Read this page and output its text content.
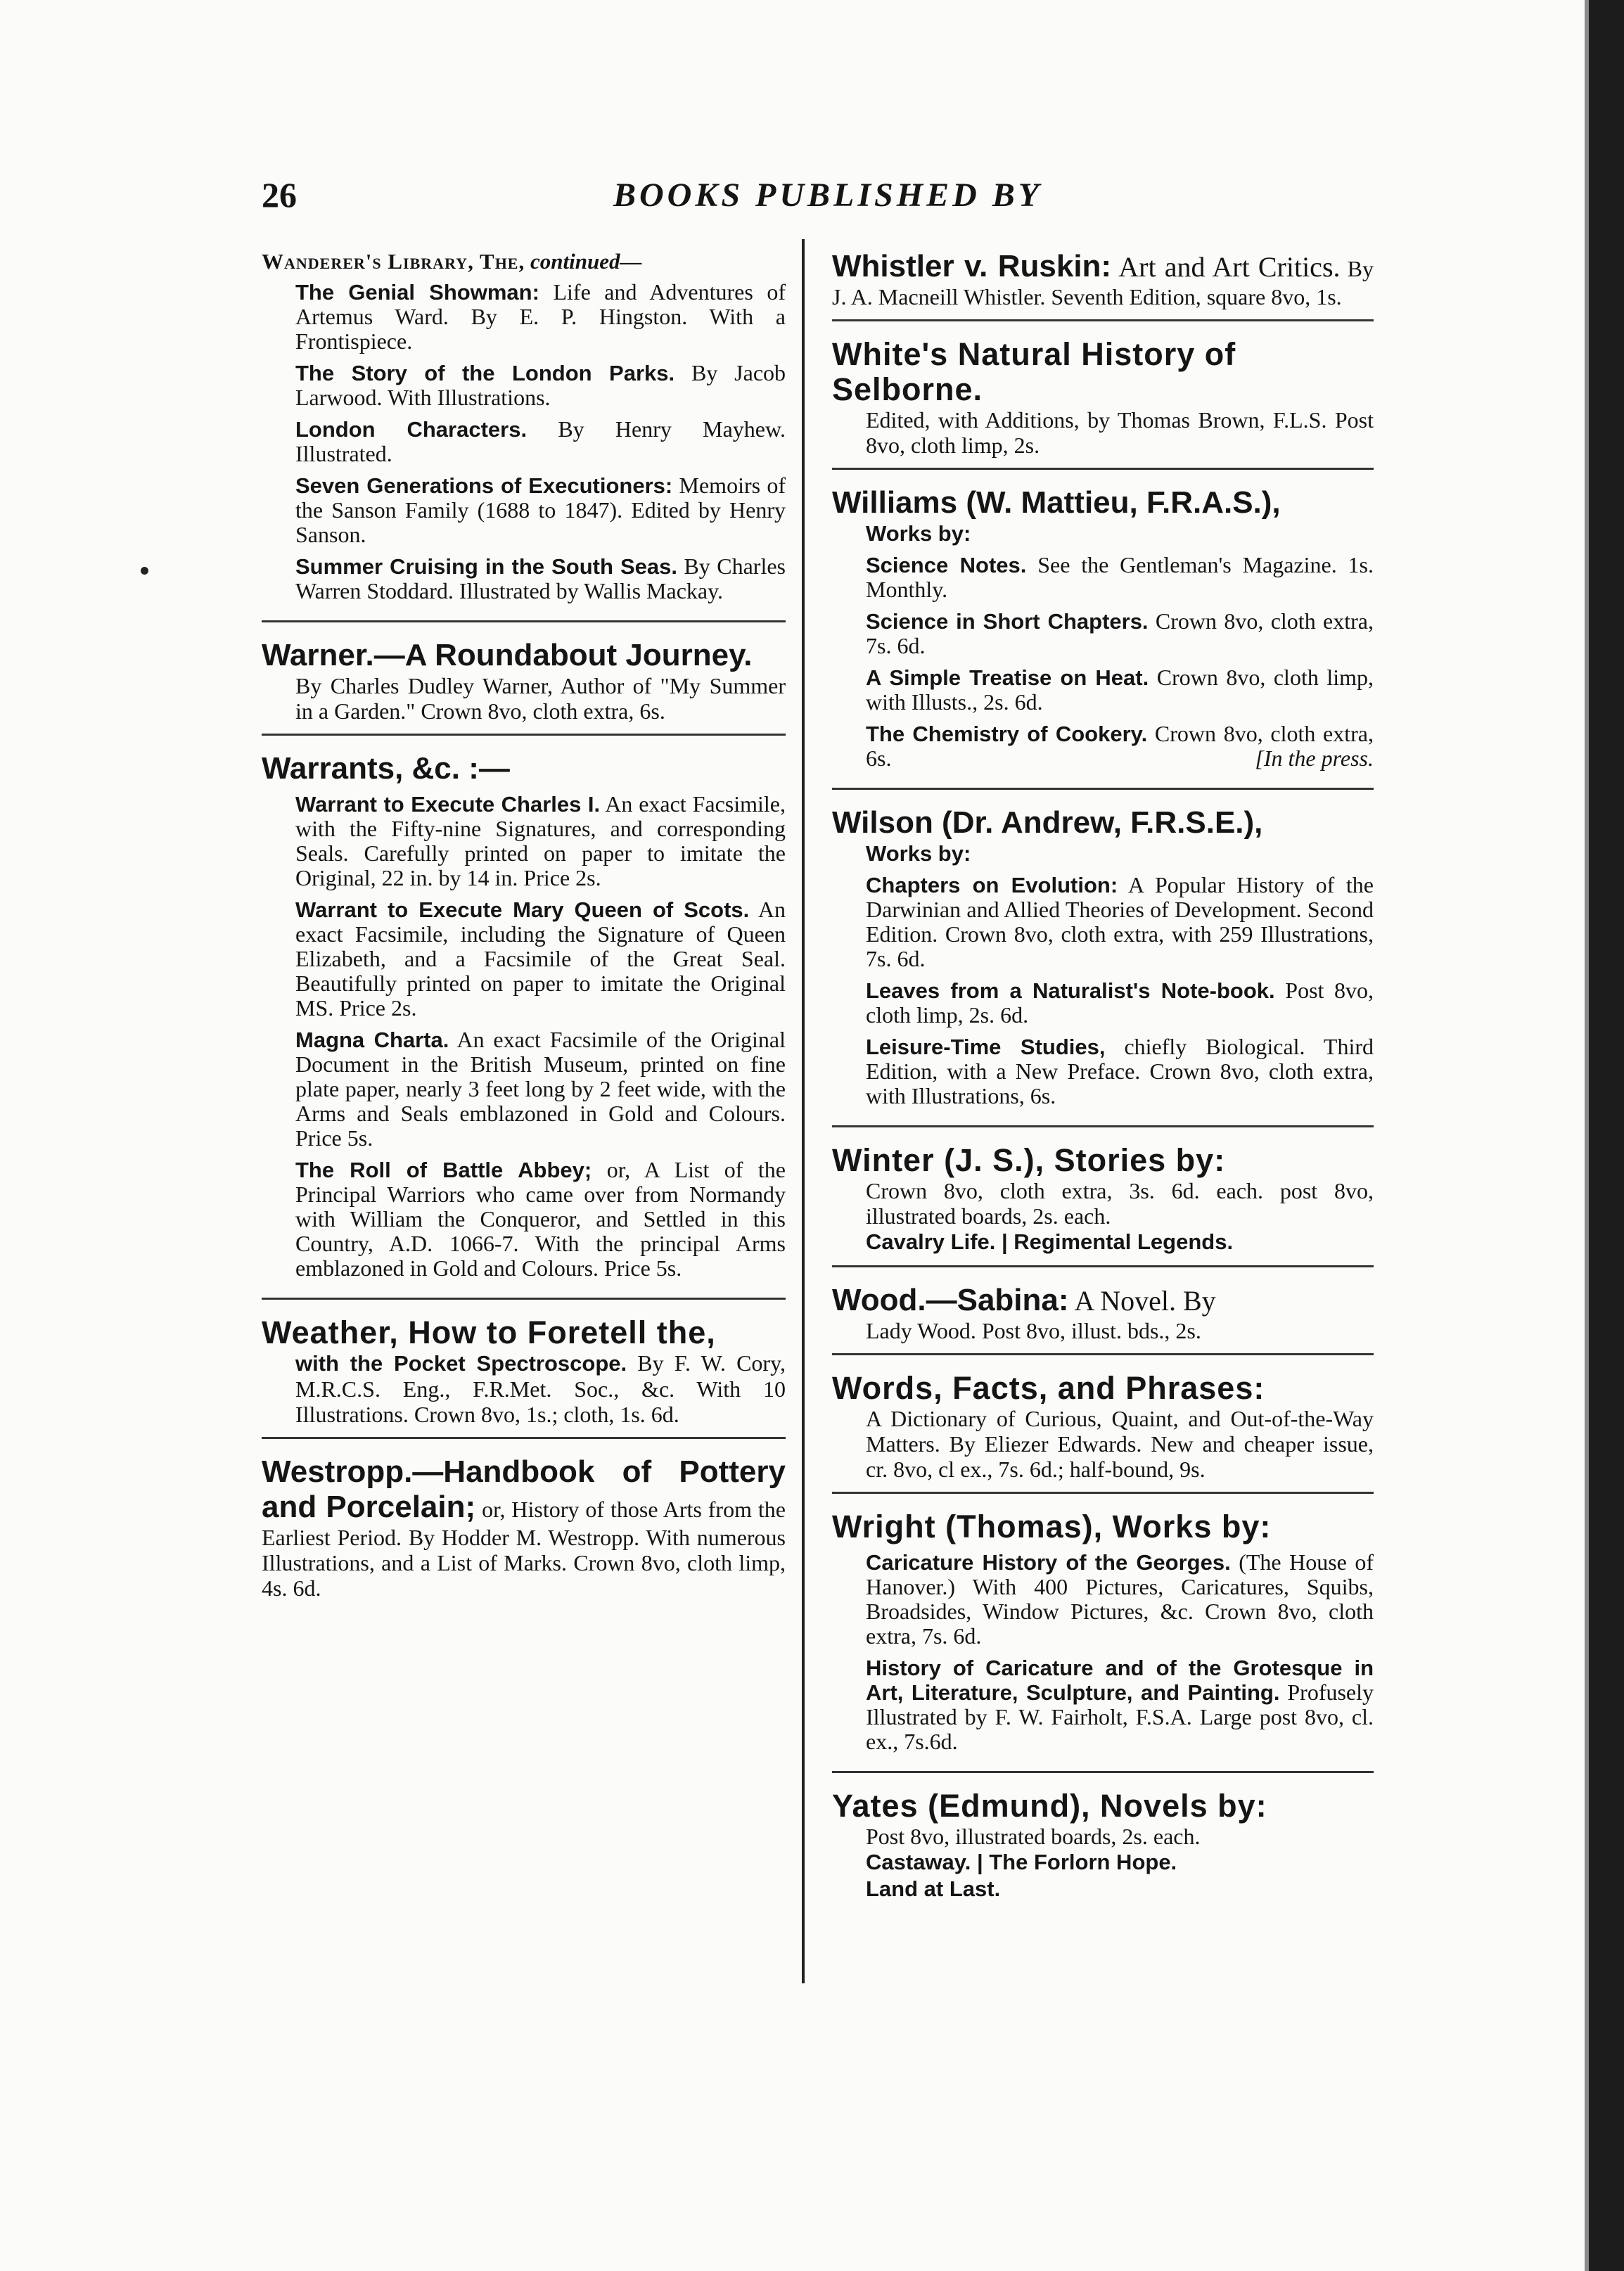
26	BOOKS PUBLISHED BY
Wanderer's Library, The, continued—
The Genial Showman: Life and Adventures of Artemus Ward. By E. P. Hingston. With a Frontispiece.
The Story of the London Parks. By Jacob Larwood. With Illustrations.
London Characters. By Henry Mayhew. Illustrated.
Seven Generations of Executioners: Memoirs of the Sanson Family (1688 to 1847). Edited by Henry Sanson.
Summer Cruising in the South Seas. By Charles Warren Stoddard. Illustrated by Wallis Mackay.
Warner.—A Roundabout Journey.
By Charles Dudley Warner, Author of "My Summer in a Garden." Crown 8vo, cloth extra, 6s.
Warrants, &c. :—
Warrant to Execute Charles I. An exact Facsimile, with the Fifty-nine Signatures, and corresponding Seals. Carefully printed on paper to imitate the Original, 22 in. by 14 in. Price 2s.
Warrant to Execute Mary Queen of Scots. An exact Facsimile, including the Signature of Queen Elizabeth, and a Facsimile of the Great Seal. Beautifully printed on paper to imitate the Original MS. Price 2s.
Magna Charta. An exact Facsimile of the Original Document in the British Museum, printed on fine plate paper, nearly 3 feet long by 2 feet wide, with the Arms and Seals emblazoned in Gold and Colours. Price 5s.
The Roll of Battle Abbey; or, A List of the Principal Warriors who came over from Normandy with William the Conqueror, and Settled in this Country, A.D. 1066-7. With the principal Arms emblazoned in Gold and Colours. Price 5s.
Weather, How to Foretell the,
with the Pocket Spectroscope. By F. W. Cory, M.R.C.S. Eng., F.R.Met. Soc., &c. With 10 Illustrations. Crown 8vo, 1s.; cloth, 1s. 6d.
Westropp.—Handbook of Pottery and Porcelain; or, History of those Arts from the Earliest Period. By Hodder M. Westropp. With numerous Illustrations, and a List of Marks. Crown 8vo, cloth limp, 4s. 6d.
Whistler v. Ruskin: Art and Art Critics. By J. A. Macneill Whistler. Seventh Edition, square 8vo, 1s.
White's Natural History of Selborne.
Edited, with Additions, by Thomas Brown, F.L.S. Post 8vo, cloth limp, 2s.
Williams (W. Mattieu, F.R.A.S.),
Works by:
Science Notes. See the Gentleman's Magazine. 1s. Monthly.
Science in Short Chapters. Crown 8vo, cloth extra, 7s. 6d.
A Simple Treatise on Heat. Crown 8vo, cloth limp, with Illusts., 2s. 6d.
The Chemistry of Cookery. Crown 8vo, cloth extra, 6s.	[In the press.
Wilson (Dr. Andrew, F.R.S.E.),
Works by:
Chapters on Evolution: A Popular History of the Darwinian and Allied Theories of Development. Second Edition. Crown 8vo, cloth extra, with 259 Illustrations, 7s. 6d.
Leaves from a Naturalist's Note-book. Post 8vo, cloth limp, 2s. 6d.
Leisure-Time Studies, chiefly Biological. Third Edition, with a New Preface. Crown 8vo, cloth extra, with Illustrations, 6s.
Winter (J. S.), Stories by:
Crown 8vo, cloth extra, 3s. 6d. each. post 8vo, illustrated boards, 2s. each.
Cavalry Life. | Regimental Legends.
Wood.—Sabina: A Novel. By
Lady Wood. Post 8vo, illust. bds., 2s.
Words, Facts, and Phrases:
A Dictionary of Curious, Quaint, and Out-of-the-Way Matters. By Eliezer Edwards. New and cheaper issue, cr. 8vo, cl ex., 7s. 6d.; half-bound, 9s.
Wright (Thomas), Works by:
Caricature History of the Georges. (The House of Hanover.) With 400 Pictures, Caricatures, Squibs, Broadsides, Window Pictures, &c. Crown 8vo, cloth extra, 7s. 6d.
History of Caricature and of the Grotesque in Art, Literature, Sculpture, and Painting. Profusely Illustrated by F. W. Fairholt, F.S.A. Large post 8vo, cl. ex., 7s.6d.
Yates (Edmund), Novels by:
Post 8vo, illustrated boards, 2s. each.
Castaway. | The Forlorn Hope.
Land at Last.
